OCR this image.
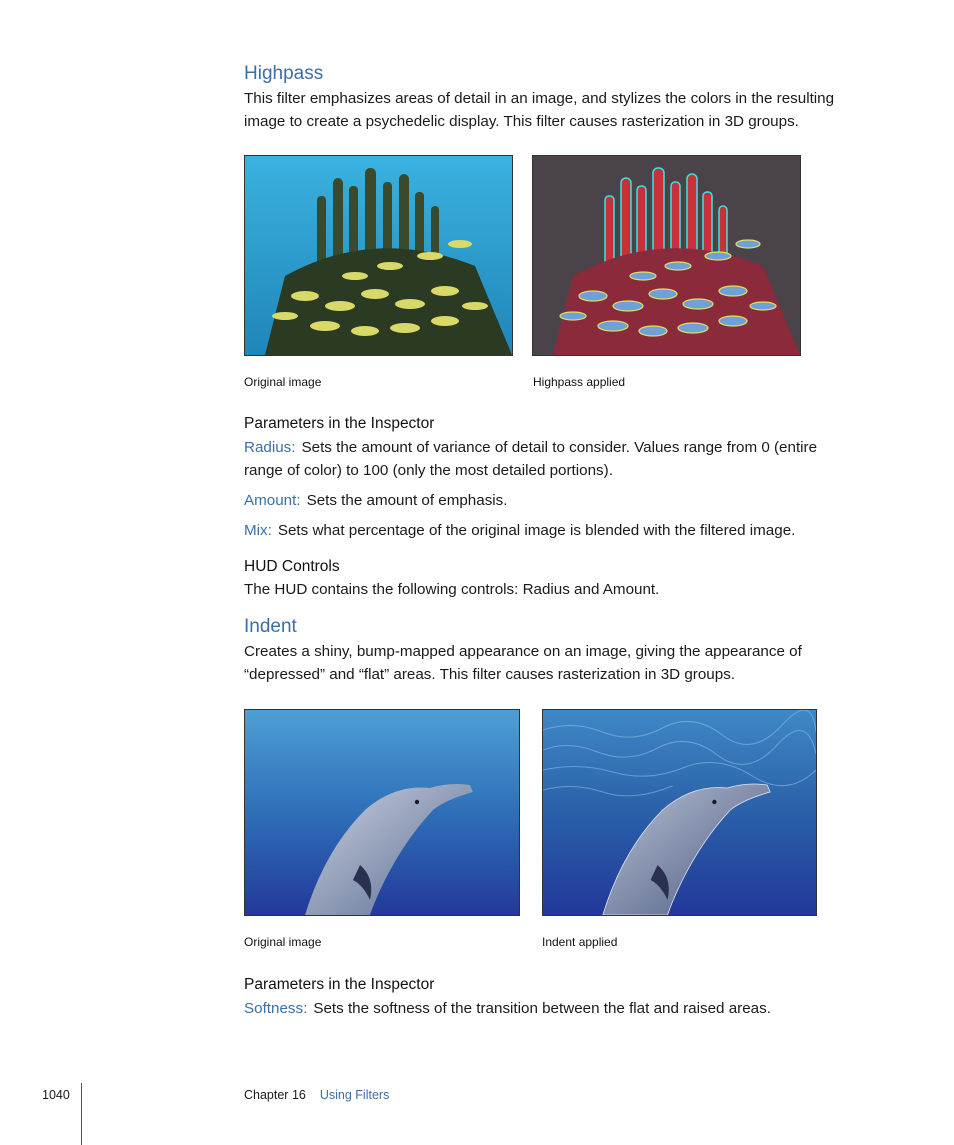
Highpass
This filter emphasizes areas of detail in an image, and stylizes the colors in the resulting
image to create a psychedelic display. This filter causes rasterization in 3D groups.
Original image	Highpass applied
Parameters in the Inspector
Radius: Sets the amount of variance of detail to consider. Values range from 0 (entire
range of color) to 100 (only the most detailed portions).
Amount: Sets the amount of emphasis.
Mix: Sets what percentage of the original image is blended with the filtered image.
HUD Controls
The HUD contains the following controls: Radius and Amount.
Indent
Creates a shiny, bump-mapped appearance on an image, giving the appearance of
“depressed” and “flat” areas. This filter causes rasterization in 3D groups.
Original image	Indent applied
Parameters in the Inspector
Softness: Sets the softness of the transition between the flat and raised areas.
1040	Chapter 16 Using Filters
